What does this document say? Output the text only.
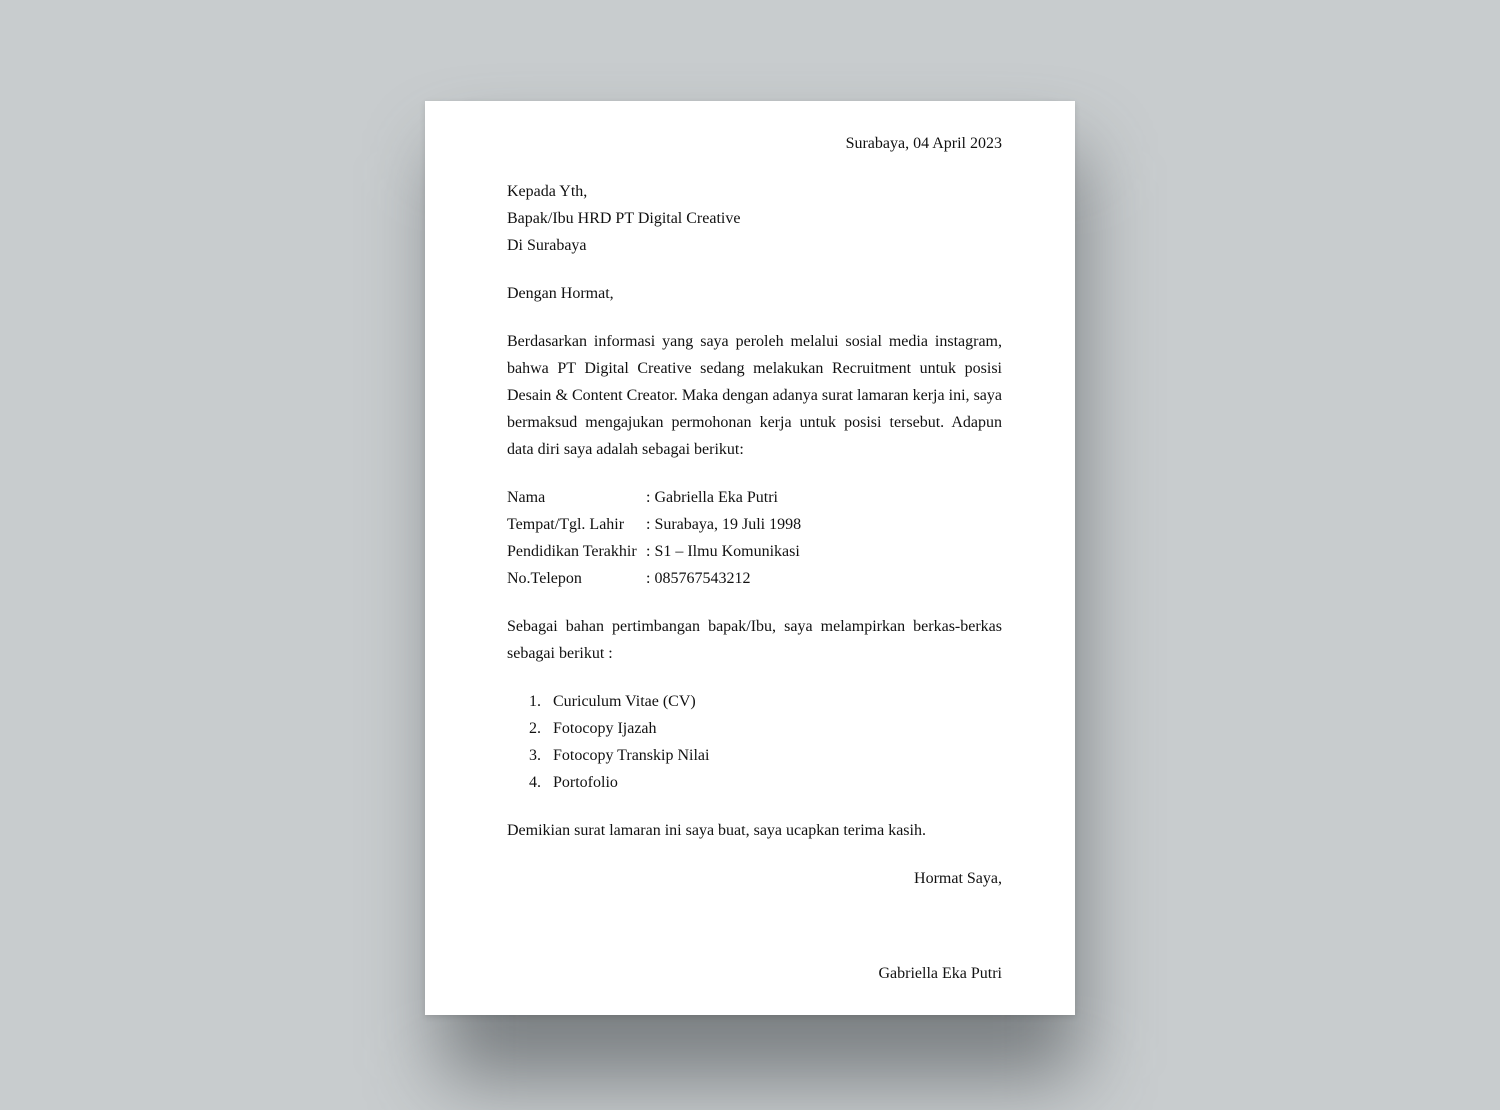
Surabaya, 04 April 2023
Kepada Yth,
Bapak/Ibu HRD PT Digital Creative
Di Surabaya
Dengan Hormat,
Berdasarkan informasi yang saya peroleh melalui sosial media instagram, bahwa PT Digital Creative sedang melakukan Recruitment untuk posisi Desain & Content Creator. Maka dengan adanya surat lamaran kerja ini, saya bermaksud mengajukan permohonan kerja untuk posisi tersebut. Adapun data diri saya adalah sebagai berikut:
Nama	: Gabriella Eka Putri
Tempat/Tgl. Lahir : Surabaya, 19 Juli 1998
Pendidikan Terakhir : S1 – Ilmu Komunikasi
No.Telepon	: 085767543212
Sebagai bahan pertimbangan bapak/Ibu, saya melampirkan berkas-berkas sebagai berikut :
1. Curiculum Vitae (CV)
2. Fotocopy Ijazah
3. Fotocopy Transkip Nilai
4. Portofolio
Demikian surat lamaran ini saya buat, saya ucapkan terima kasih.
Hormat Saya,
Gabriella Eka Putri
